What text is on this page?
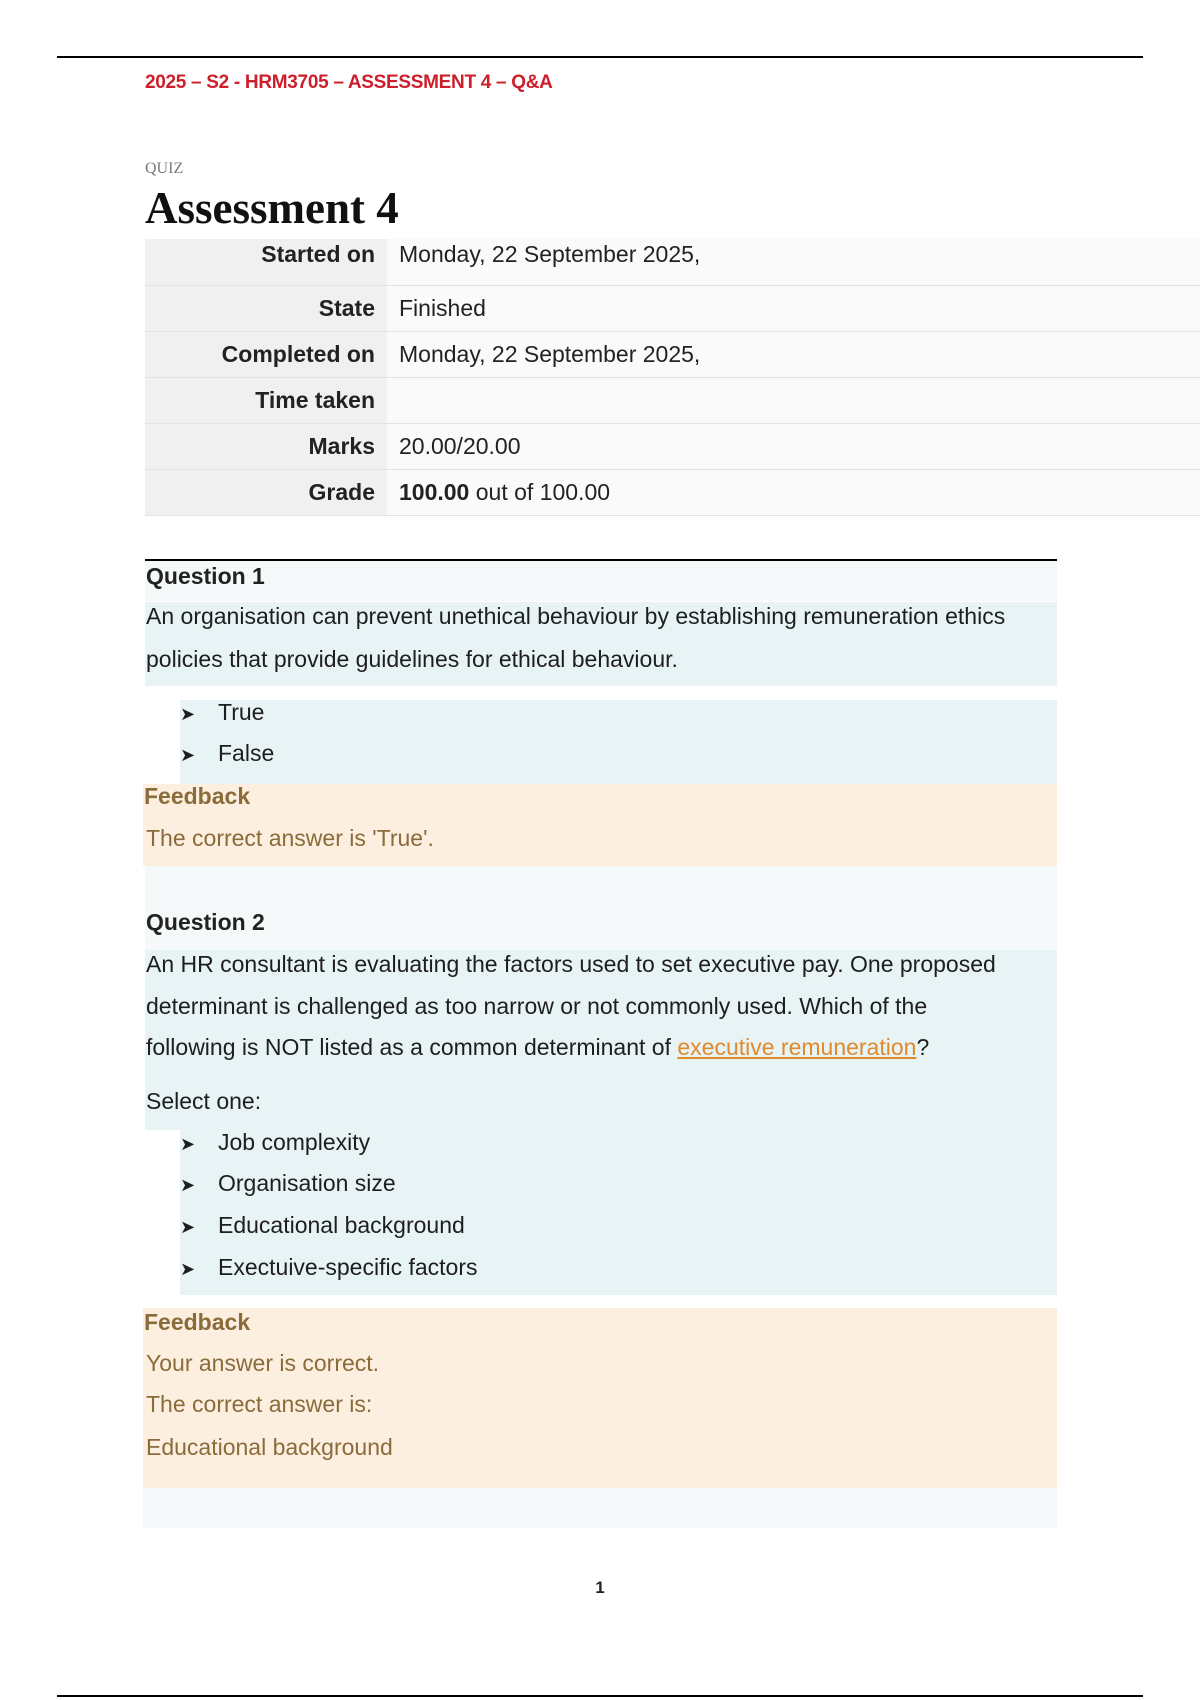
2025 – S2 - HRM3705 – ASSESSMENT 4 – Q&A
QUIZ
Assessment 4
Started on	Monday, 22 September 2025,
State	Finished
Completed on	Monday, 22 September 2025,
Time taken	
Marks	20.00/20.00
Grade	100.00 out of 100.00
Question 1
An organisation can prevent unethical behaviour by establishing remuneration ethics
policies that provide guidelines for ethical behaviour.
➤ True
➤ False
Feedback
The correct answer is 'True'.
Question 2
An HR consultant is evaluating the factors used to set executive pay. One proposed
determinant is challenged as too narrow or not commonly used. Which of the
following is NOT listed as a common determinant of executive remuneration?
Select one:
➤ Job complexity
➤ Organisation size
➤ Educational background
➤ Exectuive-specific factors
Feedback
Your answer is correct.
The correct answer is:
Educational background
1
